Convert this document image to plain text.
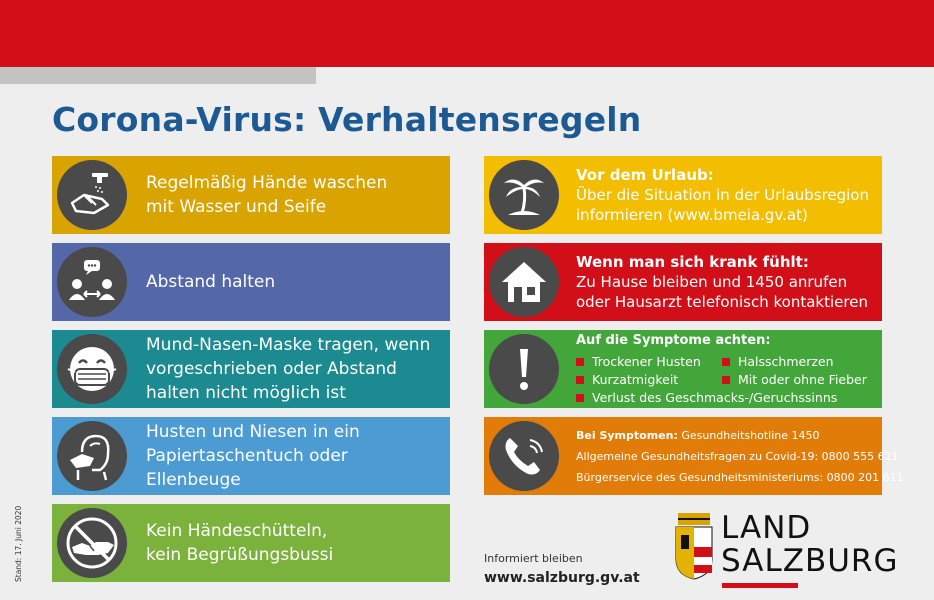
Corona-Virus: Verhaltensregeln
Regelmäßig Hände waschen
mit Wasser und Seife
Abstand halten
Mund-Nasen-Maske tragen, wenn
vorgeschrieben oder Abstand
halten nicht möglich ist
Husten und Niesen in ein
Papiertaschentuch oder
Ellenbeuge
Kein Händeschütteln,
kein Begrüßungsbussi
Vor dem Urlaub:
Über die Situation in der Urlaubsregion
informieren (www.bmeia.gv.at)
Wenn man sich krank fühlt:
Zu Hause bleiben und 1450 anrufen
oder Hausarzt telefonisch kontaktieren
Auf die Symptome achten:
Trockener Husten	Halsschmerzen
Kurzatmigkeit	Mit oder ohne Fieber
Verlust des Geschmacks-/Geruchssinns
Bei Symptomen: Gesundheitshotline 1450
Allgemeine Gesundheitsfragen zu Covid-19: 0800 555 621
Bürgerservice des Gesundheitsministeriums: 0800 201 611
Stand: 17. Juni 2020	Informiert bleiben
www.salzburg.gv.at
LAND
SALZBURG
